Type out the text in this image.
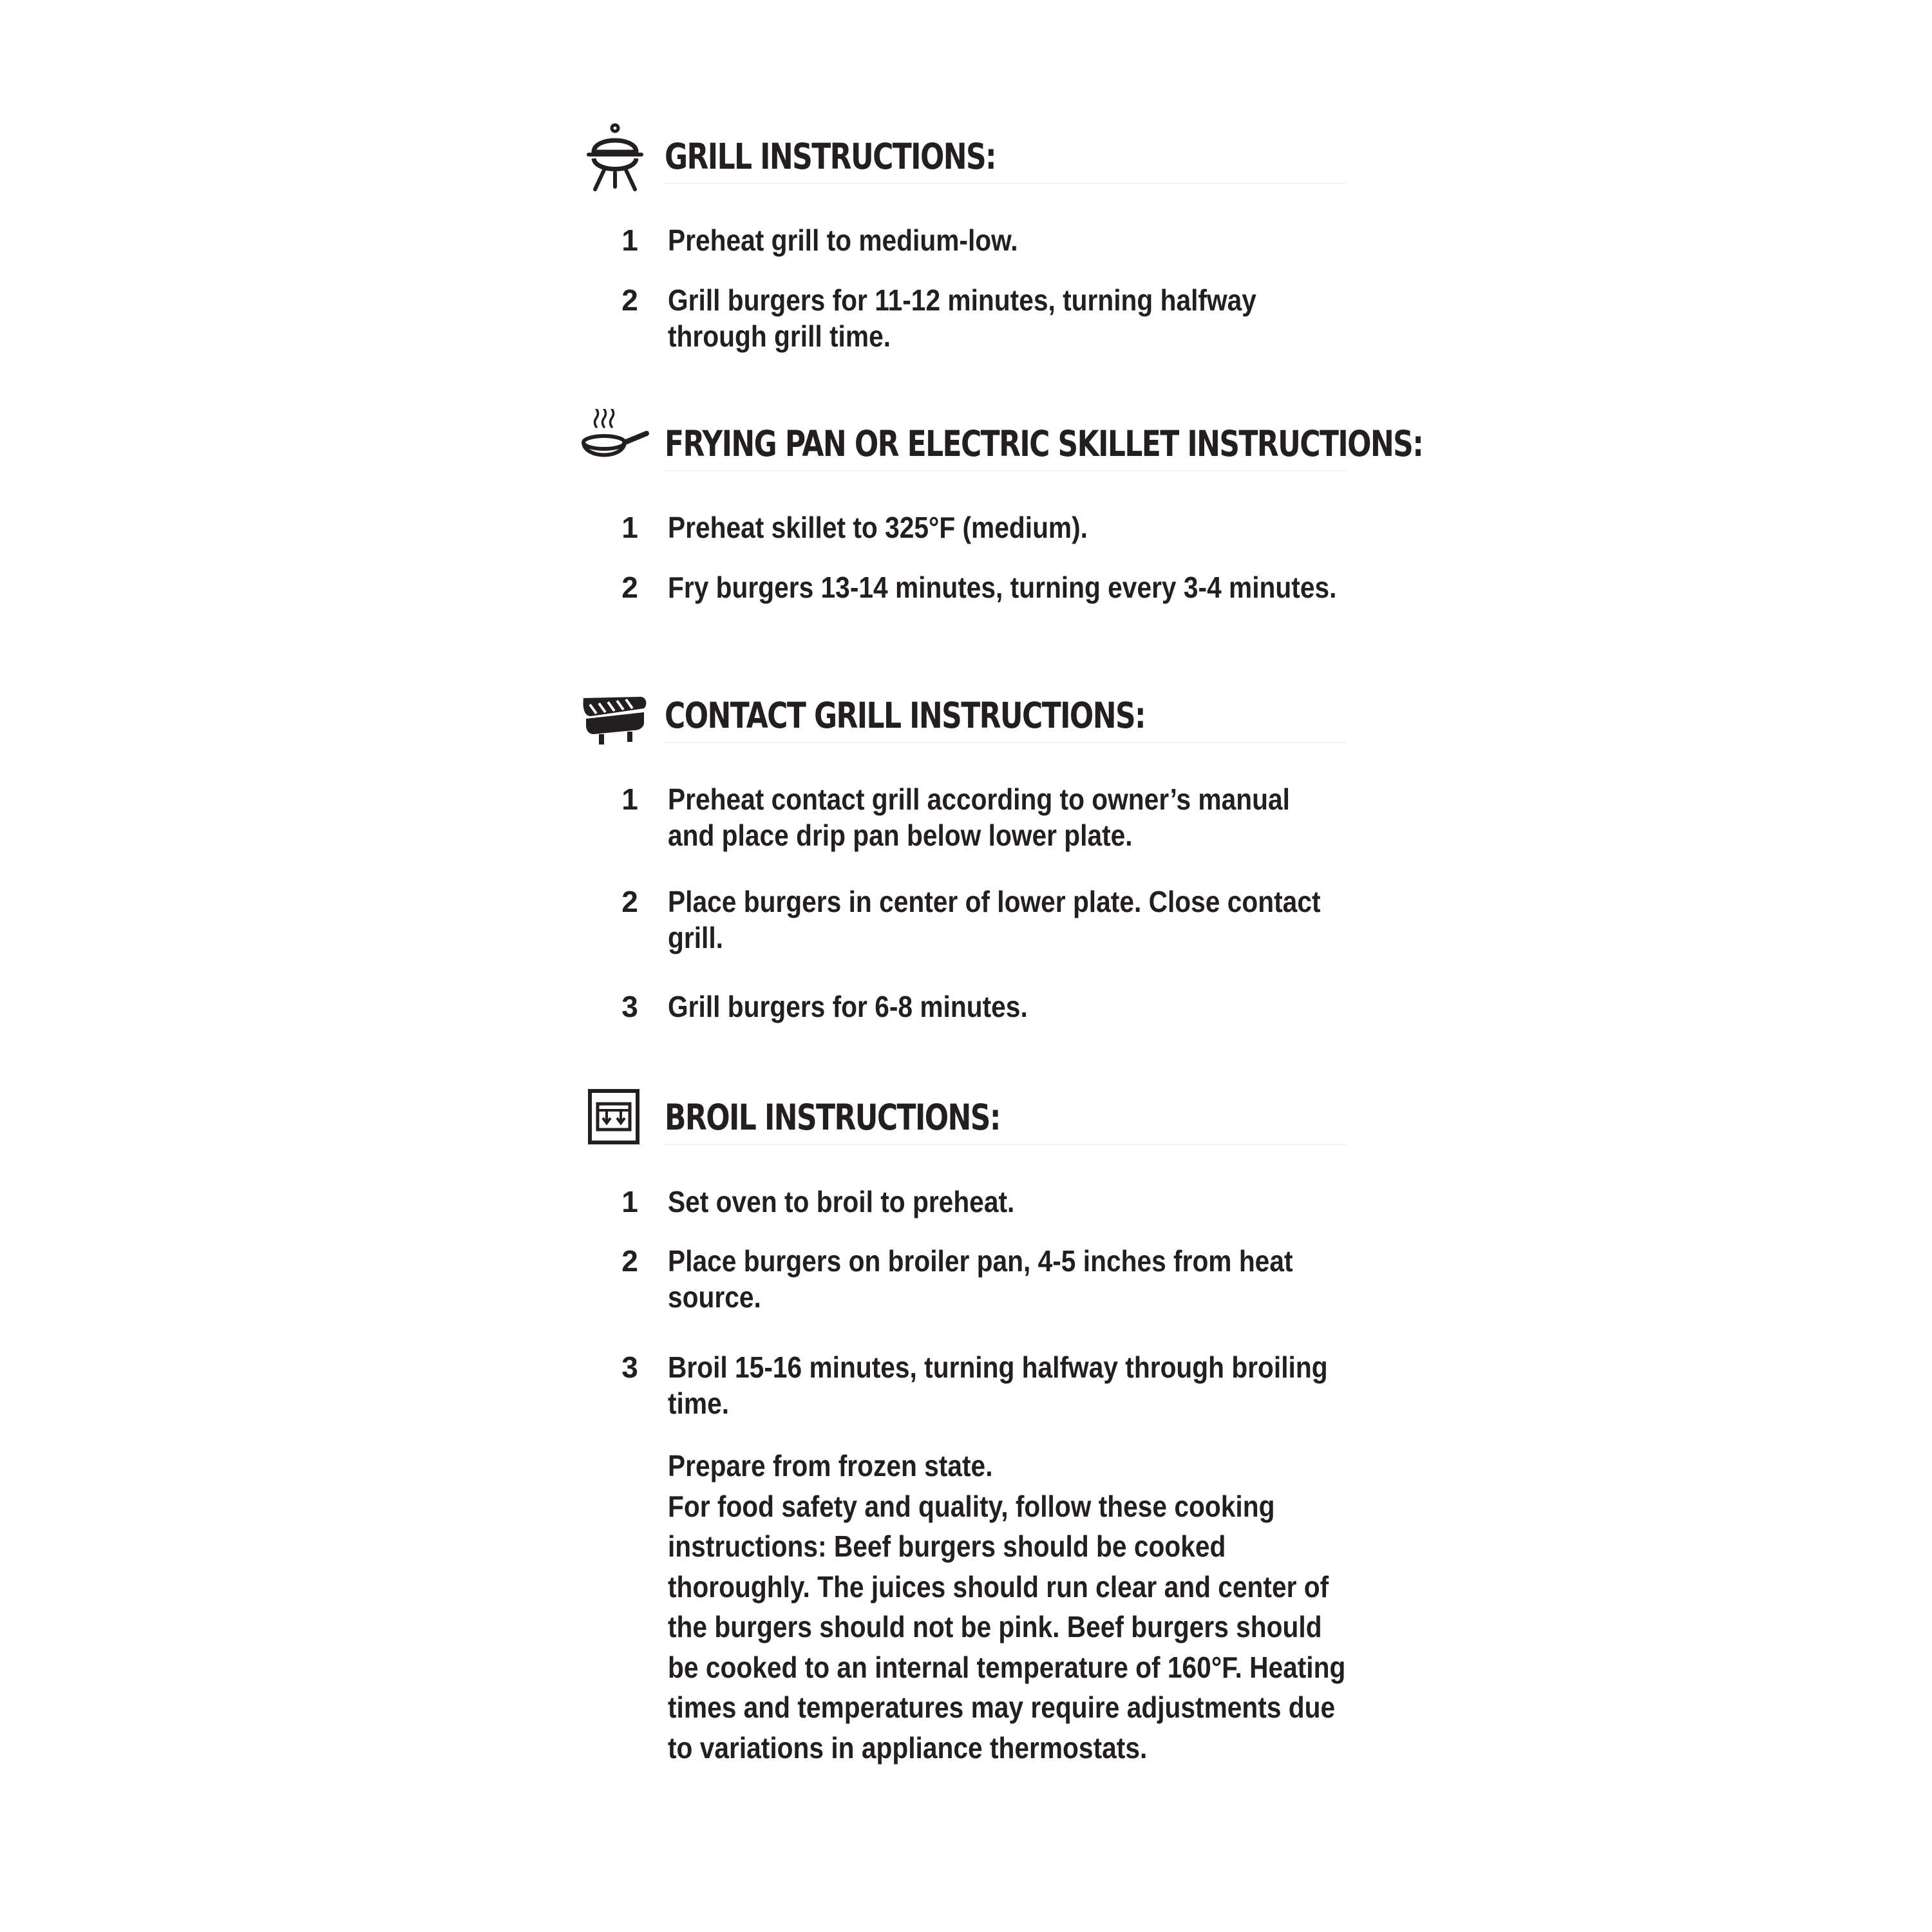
GRILL INSTRUCTIONS:
1 Preheat grill to medium-low.
2 Grill burgers for 11-12 minutes, turning halfway through grill time.
FRYING PAN OR ELECTRIC SKILLET INSTRUCTIONS:
1 Preheat skillet to 325°F (medium).
2 Fry burgers 13-14 minutes, turning every 3-4 minutes.
CONTACT GRILL INSTRUCTIONS:
1 Preheat contact grill according to owner’s manual and place drip pan below lower plate.
2 Place burgers in center of lower plate. Close contact grill.
3 Grill burgers for 6-8 minutes.
BROIL INSTRUCTIONS:
1 Set oven to broil to preheat.
2 Place burgers on broiler pan, 4-5 inches from heat source.
3 Broil 15-16 minutes, turning halfway through broiling time.

Prepare from frozen state.

For food safety and quality, follow these cooking instructions: Beef burgers should be cooked thoroughly. The juices should run clear and center of the burgers should not be pink. Beef burgers should be cooked to an internal temperature of 160°F. Heating times and temperatures may require adjustments due to variations in appliance thermostats.
